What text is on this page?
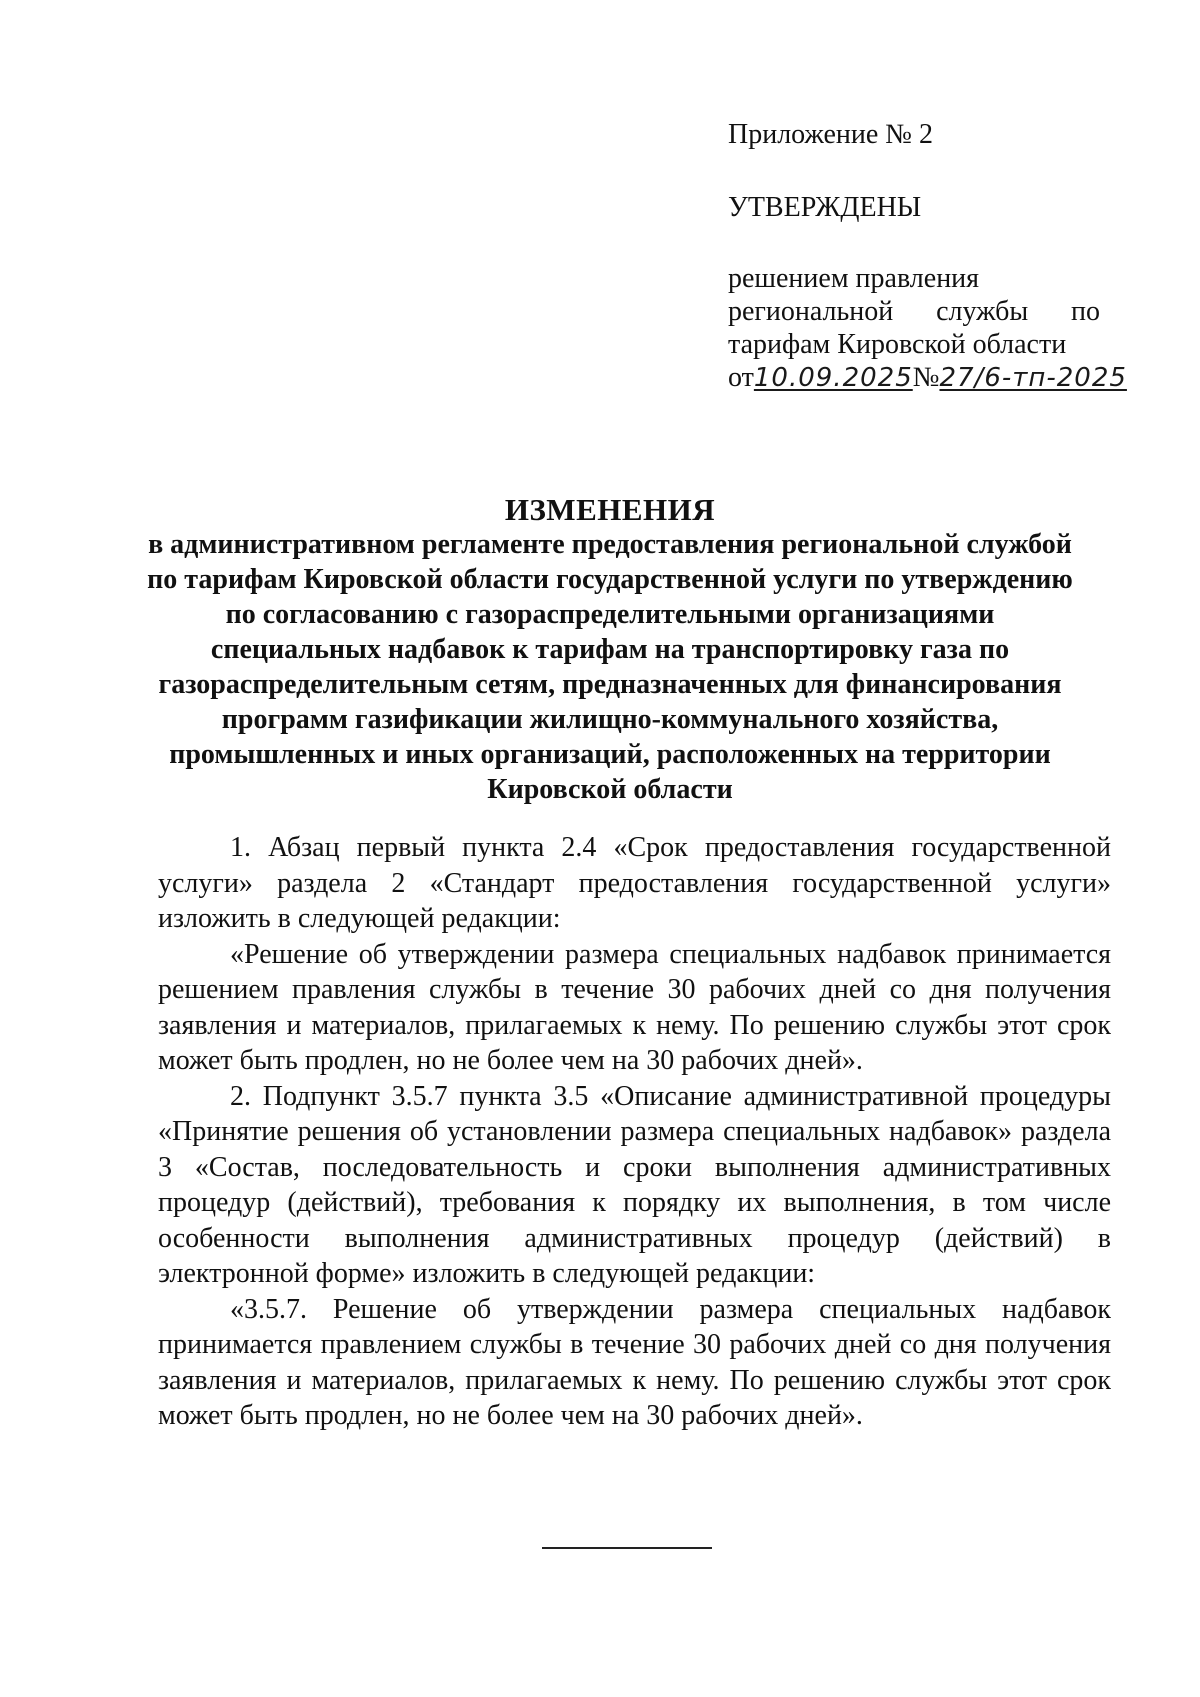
Приложение № 2
УТВЕРЖДЕНЫ
решением правления
региональной службы по
тарифам Кировской области
от 10.09.2025 № 27/6-тп-2025
ИЗМЕНЕНИЯ
в административном регламенте предоставления региональной службой
по тарифам Кировской области государственной услуги по утверждению
по согласованию с газораспределительными организациями
специальных надбавок к тарифам на транспортировку газа по
газораспределительным сетям, предназначенных для финансирования
программ газификации жилищно-коммунального хозяйства,
промышленных и иных организаций, расположенных на территории
Кировской области

1. Абзац первый пункта 2.4 «Срок предоставления государственной услуги» раздела 2 «Стандарт предоставления государственной услуги» изложить в следующей редакции:

«Решение об утверждении размера специальных надбавок принимается решением правления службы в течение 30 рабочих дней со дня получения заявления и материалов, прилагаемых к нему. По решению службы этот срок может быть продлен, но не более чем на 30 рабочих дней».

2. Подпункт 3.5.7 пункта 3.5 «Описание административной процедуры «Принятие решения об установлении размера специальных надбавок» раздела 3 «Состав, последовательность и сроки выполнения административных процедур (действий), требования к порядку их выполнения, в том числе особенности выполнения административных процедур (действий) в электронной форме» изложить в следующей редакции:

«3.5.7. Решение об утверждении размера специальных надбавок принимается правлением службы в течение 30 рабочих дней со дня получения заявления и материалов, прилагаемых к нему. По решению службы этот срок может быть продлен, но не более чем на 30 рабочих дней».
